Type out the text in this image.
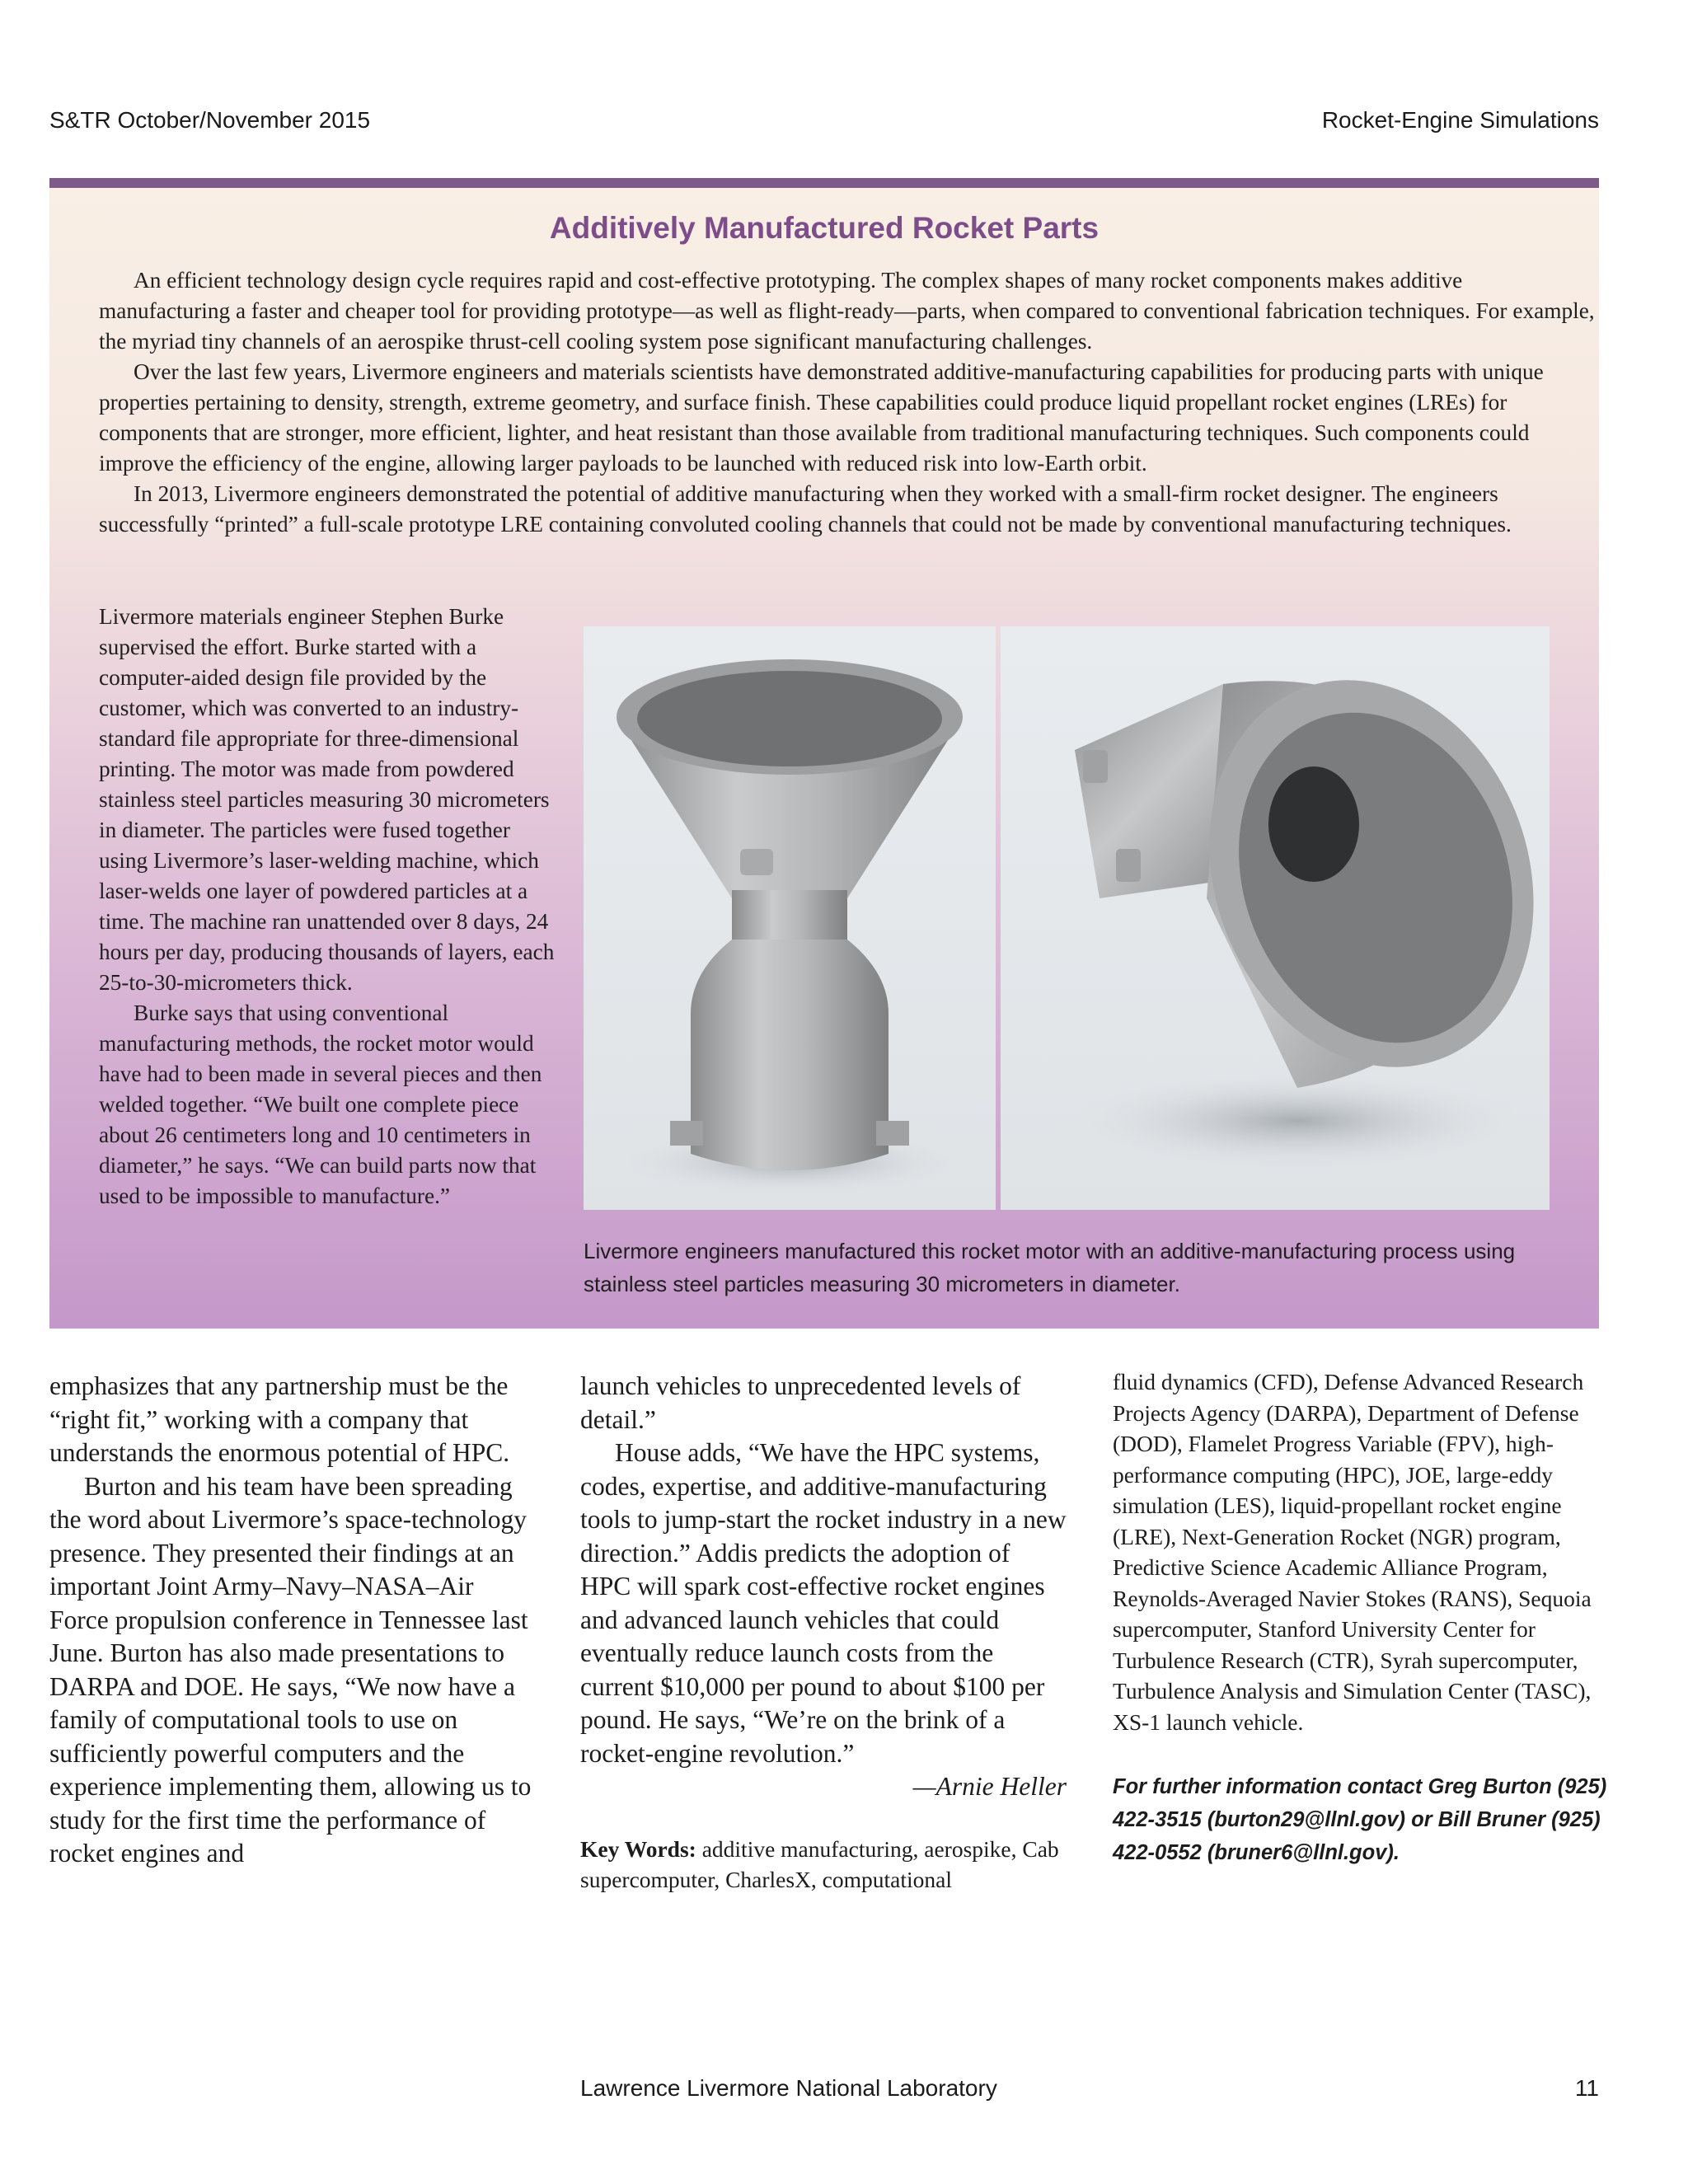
S&TR October/November 2015	Rocket-Engine Simulations
Additively Manufactured Rocket Parts

An efficient technology design cycle requires rapid and cost-effective prototyping. The complex shapes of many rocket components makes additive manufacturing a faster and cheaper tool for providing prototype—as well as flight-ready—parts, when compared to conventional fabrication techniques. For example, the myriad tiny channels of an aerospike thrust-cell cooling system pose significant manufacturing challenges.

Over the last few years, Livermore engineers and materials scientists have demonstrated additive-manufacturing capabilities for producing parts with unique properties pertaining to density, strength, extreme geometry, and surface finish. These capabilities could produce liquid propellant rocket engines (LREs) for components that are stronger, more efficient, lighter, and heat resistant than those available from traditional manufacturing techniques. Such components could improve the efficiency of the engine, allowing larger payloads to be launched with reduced risk into low-Earth orbit.

In 2013, Livermore engineers demonstrated the potential of additive manufacturing when they worked with a small-firm rocket designer. The engineers successfully “printed” a full-scale prototype LRE containing convoluted cooling channels that could not be made by conventional manufacturing techniques.

Livermore materials engineer Stephen Burke supervised the effort. Burke started with a computer-aided design file provided by the customer, which was converted to an industry-standard file appropriate for three-dimensional printing. The motor was made from powdered stainless steel particles measuring 30 micrometers in diameter. The particles were fused together using Livermore’s laser-welding machine, which laser-welds one layer of powdered particles at a time. The machine ran unattended over 8 days, 24 hours per day, producing thousands of layers, each 25-to-30-micrometers thick.

Burke says that using conventional manufacturing methods, the rocket motor would have had to been made in several pieces and then welded together. “We built one complete piece about 26 centimeters long and 10 centimeters in diameter,” he says. “We can build parts now that used to be impossible to manufacture.”

Livermore engineers manufactured this rocket motor with an additive-manufacturing process using stainless steel particles measuring 30 micrometers in diameter.

emphasizes that any partnership must be the “right fit,” working with a company that understands the enormous potential of HPC.

Burton and his team have been spreading the word about Livermore’s space-technology presence. They presented their findings at an important Joint Army–Navy–NASA–Air Force propulsion conference in Tennessee last June. Burton has also made presentations to DARPA and DOE. He says, “We now have a family of computational tools to use on sufficiently powerful computers and the experience implementing them, allowing us to study for the first time the performance of rocket engines and

launch vehicles to unprecedented levels of detail.”

House adds, “We have the HPC systems, codes, expertise, and additive-manufacturing tools to jump-start the rocket industry in a new direction.” Addis predicts the adoption of HPC will spark cost-effective rocket engines and advanced launch vehicles that could eventually reduce launch costs from the current $10,000 per pound to about $100 per pound. He says, “We’re on the brink of a rocket-engine revolution.”

—Arnie Heller

Key Words: additive manufacturing, aerospike, Cab supercomputer, CharlesX, computational

fluid dynamics (CFD), Defense Advanced Research Projects Agency (DARPA), Department of Defense (DOD), Flamelet Progress Variable (FPV), high-performance computing (HPC), JOE, large-eddy simulation (LES), liquid-propellant rocket engine (LRE), Next-Generation Rocket (NGR) program, Predictive Science Academic Alliance Program, Reynolds-Averaged Navier Stokes (RANS), Sequoia supercomputer, Stanford University Center for Turbulence Research (CTR), Syrah supercomputer, Turbulence Analysis and Simulation Center (TASC), XS-1 launch vehicle.

For further information contact Greg Burton (925) 422-3515 (burton29@llnl.gov) or Bill Bruner (925) 422-0552 (bruner6@llnl.gov).

Lawrence Livermore National Laboratory	11
